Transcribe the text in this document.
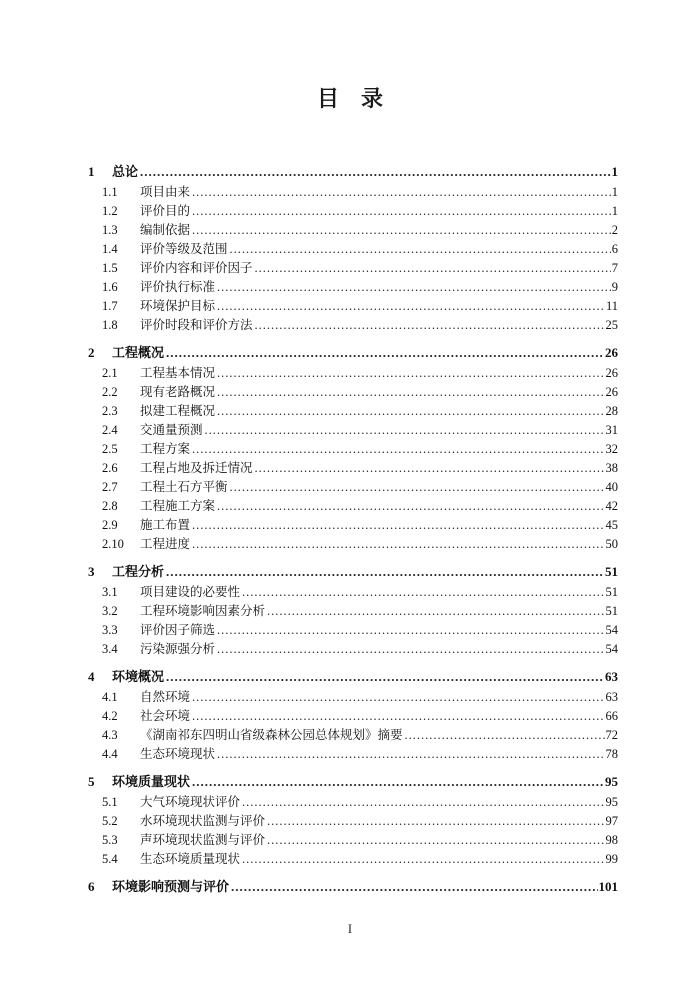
目　录
1	总论 .....	1
1.1	项目由来 .....	1
1.2	评价目的 .....	1
1.3	编制依据 .....	2
1.4	评价等级及范围 .....	6
1.5	评价内容和评价因子 .....	7
1.6	评价执行标准 .....	9
1.7	环境保护目标 .....	11
1.8	评价时段和评价方法 .....	25
2	工程概况 .....	26
2.1	工程基本情况 .....	26
2.2	现有老路概况 .....	26
2.3	拟建工程概况 .....	28
2.4	交通量预测 .....	31
2.5	工程方案 .....	32
2.6	工程占地及拆迁情况 .....	38
2.7	工程土石方平衡 .....	40
2.8	工程施工方案 .....	42
2.9	施工布置 .....	45
2.10	工程进度 .....	50
3	工程分析 .....	51
3.1	项目建设的必要性 .....	51
3.2	工程环境影响因素分析 .....	51
3.3	评价因子筛选 .....	54
3.4	污染源强分析 .....	54
4	环境概况 .....	63
4.1	自然环境 .....	63
4.2	社会环境 .....	66
4.3	《湖南祁东四明山省级森林公园总体规划》摘要 .....	72
4.4	生态环境现状 .....	78
5	环境质量现状 .....	95
5.1	大气环境现状评价 .....	95
5.2	水环境现状监测与评价 .....	97
5.3	声环境现状监测与评价 .....	98
5.4	生态环境质量现状 .....	99
6	环境影响预测与评价 .....	101
I
